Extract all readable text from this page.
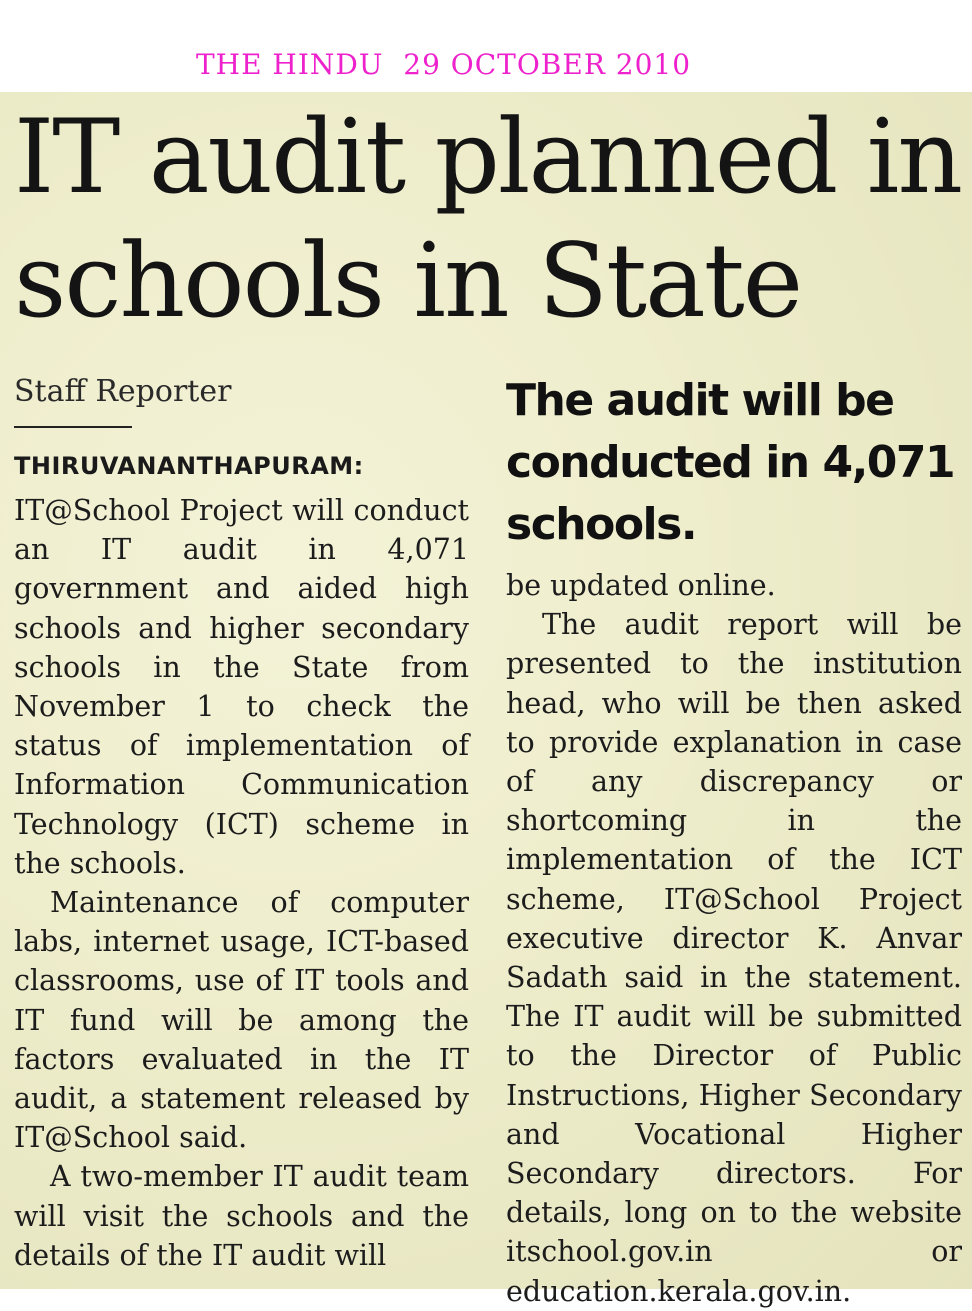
THE HINDU  29 OCTOBER 2010
IT audit planned in schools in State
Staff Reporter
THIRUVANANTHAPURAM:

IT@School Project will conduct an IT audit in 4,071 government and aided high schools and higher secondary schools in the State from November 1 to check the status of implementation of Information Communication Technology (ICT) scheme in the schools.

Maintenance of computer labs, internet usage, ICT-based classrooms, use of IT tools and IT fund will be among the factors evaluated in the IT audit, a statement released by IT@School said.

A two-member IT audit team will visit the schools and the details of the IT audit will

The audit will be conducted in 4,071 schools.

be updated online.

The audit report will be presented to the institution head, who will be then asked to provide explanation in case of any discrepancy or shortcoming in the implementation of the ICT scheme, IT@School Project executive director K. Anvar Sadath said in the statement. The IT audit will be submitted to the Director of Public Instructions, Higher Secondary and Vocational Higher Secondary directors. For details, long on to the website itschool.gov.in or education.kerala.gov.in.
